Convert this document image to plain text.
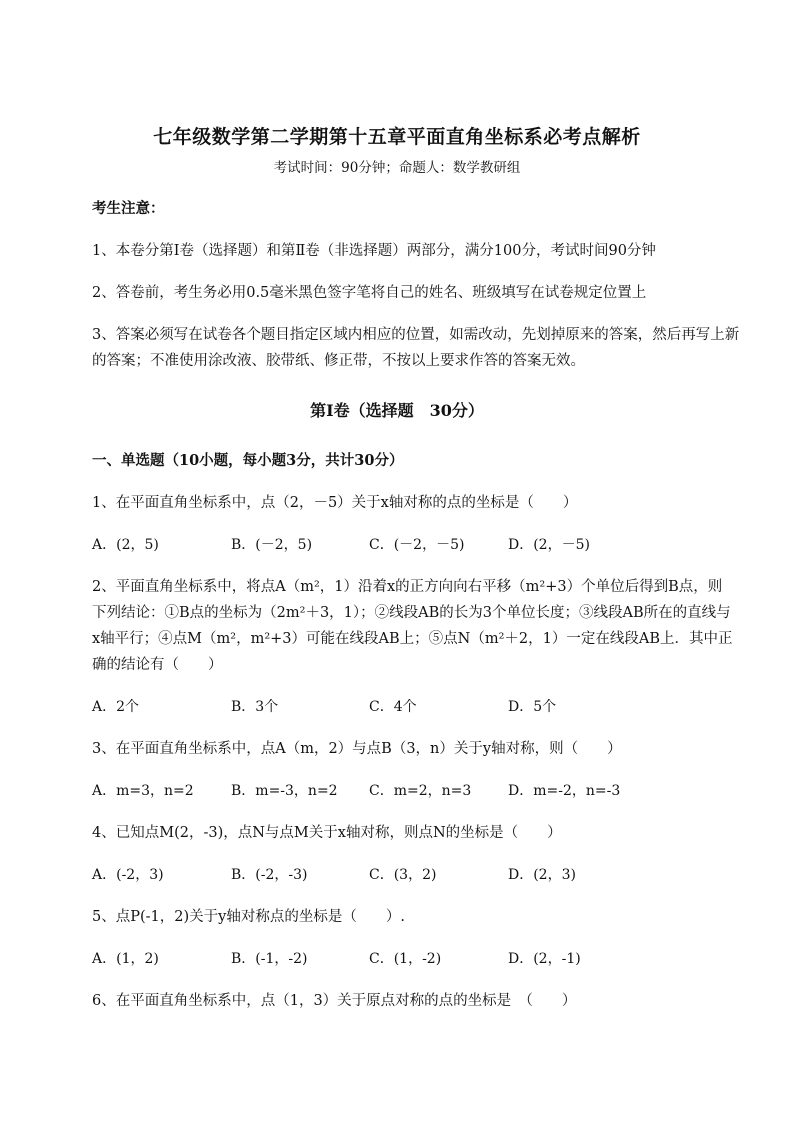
七年级数学第二学期第十五章平面直角坐标系必考点解析
考试时间：90分钟；命题人：数学教研组
考生注意：
1、本卷分第I卷（选择题）和第Ⅱ卷（非选择题）两部分，满分100分，考试时间90分钟
2、答卷前，考生务必用0.5毫米黑色签字笔将自己的姓名、班级填写在试卷规定位置上
3、答案必须写在试卷各个题目指定区域内相应的位置，如需改动，先划掉原来的答案，然后再写上新
的答案；不准使用涂改液、胶带纸、修正带，不按以上要求作答的答案无效。
第I卷（选择题　30分）
一、单选题（10小题，每小题3分，共计30分）
1、在平面直角坐标系中，点（2，－5）关于x轴对称的点的坐标是（　　）
A．(2，5)	B．(－2，5)	C．(－2，－5)	D．(2，－5)
2、平面直角坐标系中，将点A（m²，1）沿着x的正方向向右平移（m²+3）个单位后得到B点，则
下列结论：①B点的坐标为（2m²＋3，1）；②线段AB的长为3个单位长度；③线段AB所在的直线与
x轴平行；④点M（m²，m²+3）可能在线段AB上；⑤点N（m²＋2，1）一定在线段AB上．其中正
确的结论有（　　）
A．2个	B．3个	C．4个	D．5个
3、在平面直角坐标系中，点A（m，2）与点B（3，n）关于y轴对称，则（　　）
A．m=3，n=2	B．m=-3，n=2 C．m=2，n=3	D．m=-2，n=-3
4、已知点M(2，-3)，点N与点M关于x轴对称，则点N的坐标是（　　）
A．(-2，3)	B．(-2，-3)	C．(3，2)	D．(2，3)
5、点P(-1，2)关于y轴对称点的坐标是（　　）.
A．(1，2)	B．(-1，-2)	C．(1，-2)	D．(2，-1)
6、在平面直角坐标系中，点（1，3）关于原点对称的点的坐标是　（　　）
